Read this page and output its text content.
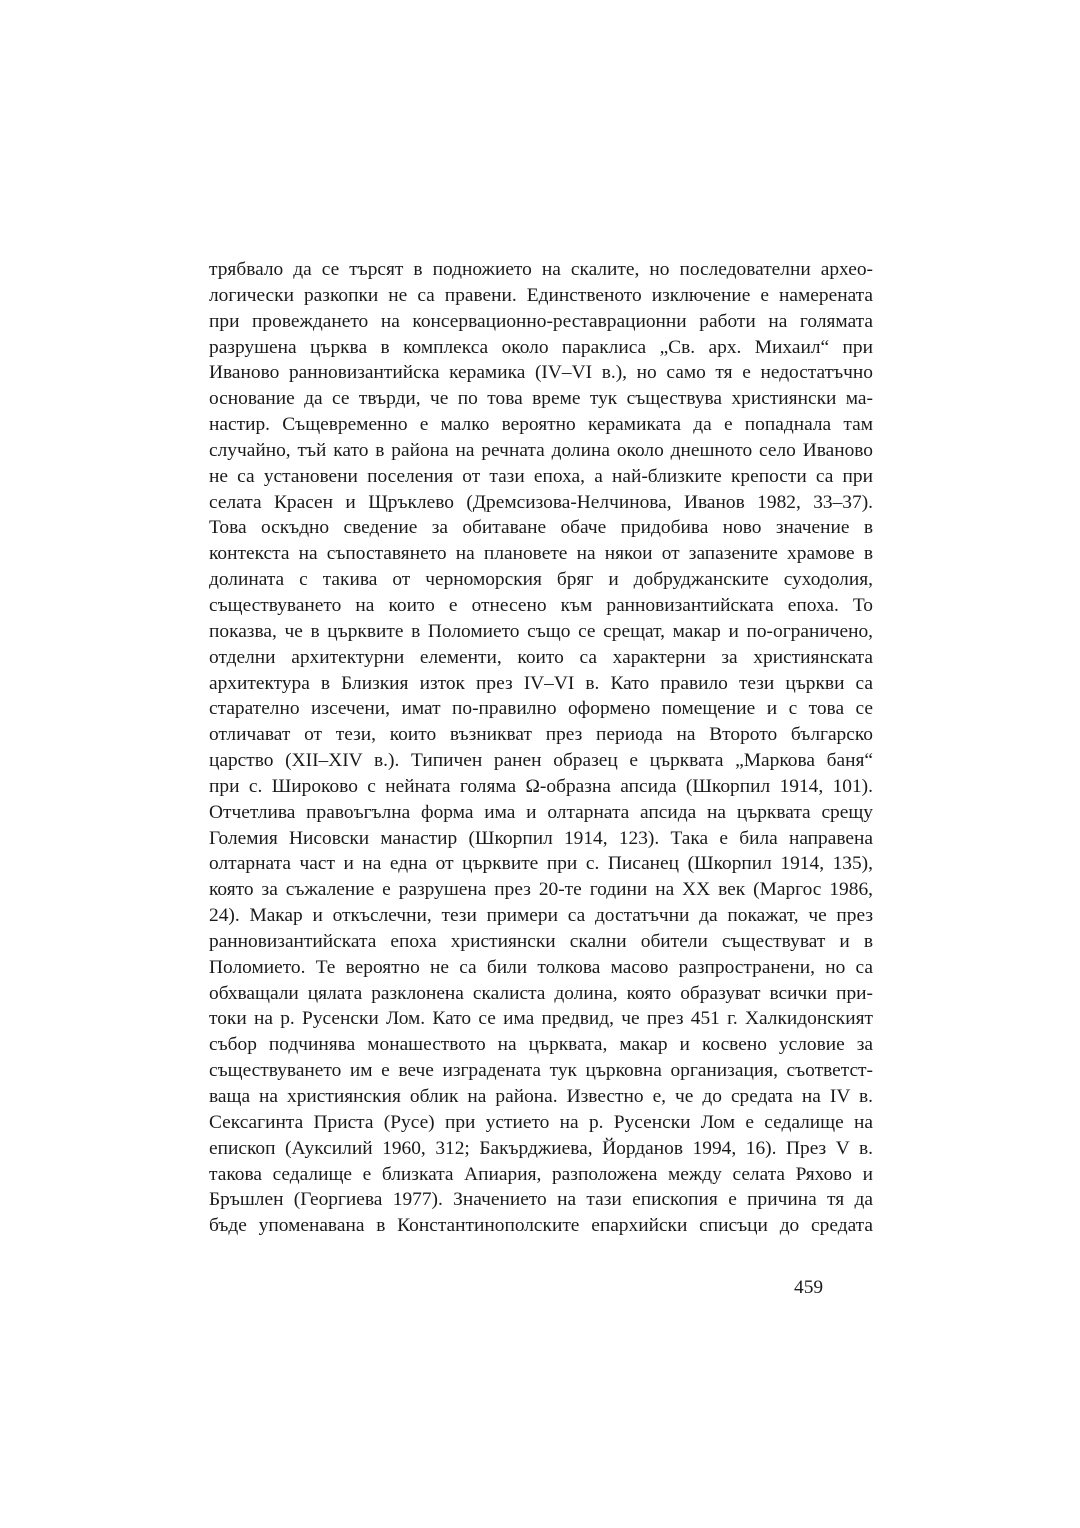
трябвало да се търсят в подножието на скалите, но последователни архео-
логически разкопки не са правени. Единственото изключение е намерената
при провеждането на консервационно-реставрационни работи на голямата
разрушена църква в комплекса около параклиса „Св. арх. Михаил“ при
Иваново ранновизантийска керамика (IV–VI в.), но само тя е недостатъчно
основание да се твърди, че по това време тук съществува християнски ма-
настир. Същевременно е малко вероятно керамиката да е попаднала там
случайно, тъй като в района на речната долина около днешното село Иваново
не са установени поселения от тази епоха, а най-близките крепости са при
селата Красен и Щръклево (Дремсизова-Нелчинова, Иванов 1982, 33–37).
Това оскъдно сведение за обитаване обаче придобива ново значение в
контекста на съпоставянето на плановете на някои от запазените храмове в
долината с такива от черноморския бряг и добруджанските суходолия,
съществуването на които е отнесено към ранновизантийската епоха. То
показва, че в църквите в Поломието също се срещат, макар и по-ограничено,
отделни архитектурни елементи, които са характерни за християнската
архитектура в Близкия изток през IV–VI в. Като правило тези църкви са
старателно изсечени, имат по-правилно оформено помещение и с това се
отличават от тези, които възникват през периода на Второто българско
царство (XII–XIV в.). Типичен ранен образец е църквата „Маркова баня“
при с. Широково с нейната голяма Ω-образна апсида (Шкорпил 1914, 101).
Отчетлива правоъгълна форма има и олтарната апсида на църквата срещу
Голeмия Нисовски манастир (Шкорпил 1914, 123). Така е била направена
олтарната част и на една от църквите при с. Писанец (Шкорпил 1914, 135),
която за съжаление е разрушена през 20-те години на XX век (Маргос 1986,
24). Макар и откъслечни, тези примери са достатъчни да покажат, че през
ранновизантийската епоха християнски скални обители съществуват и в
Поломието. Те вероятно не са били толкова масово разпространени, но са
обхващали цялата разклонена скалиста долина, която образуват всички при-
токи на р. Русенски Лом. Като се има предвид, че през 451 г. Халкидонският
събор подчинява монашеството на църквата, макар и косвено условие за
съществуването им е вече изградената тук църковна организация, съответст-
ваща на християнския облик на района. Известно е, че до средата на IV в.
Сексагинта Приста (Русе) при устието на р. Русенски Лом е седалище на
епископ (Ауксилий 1960, 312; Бакърджиева, Йорданов 1994, 16). През V в.
такова седалище е близката Апиария, разположена между селата Ряхово и
Бръшлен (Георгиева 1977). Значението на тази епископия е причина тя да
бъде упоменавана в Константинополските епархийски списъци до средата
459
